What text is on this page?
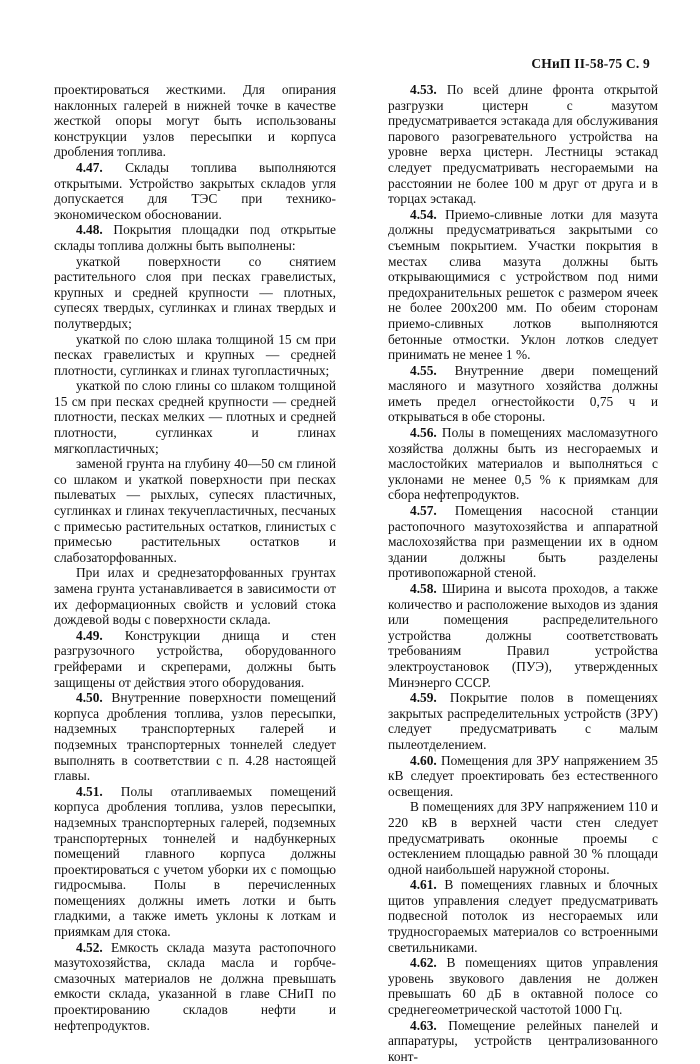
СНиП II-58-75 С. 9

проектироваться жесткими. Для опирания наклонных галерей в нижней точке в качестве жесткой опоры могут быть использованы конструкции узлов пересыпки и корпуса дробления топлива.

4.47. Склады топлива выполняются открытыми. Устройство закрытых складов угля допускается для ТЭС при технико-экономическом обосновании.

4.48. Покрытия площадки под открытые склады топлива должны быть выполнены:

укаткой поверхности со снятием растительного слоя при песках гравелистых, крупных и средней крупности — плотных, супесях твердых, суглинках и глинах твердых и полутвердых;

укаткой по слою шлака толщиной 15 см при песках гравелистых и крупных — средней плотности, суглинках и глинах тугопластичных;

укаткой по слою глины со шлаком толщиной 15 см при песках средней крупности — средней плотности, песках мелких — плотных и средней плотности, суглинках и глинах мягкопластичных;

заменой грунта на глубину 40—50 см глиной со шлаком и укаткой поверхности при песках пылеватых — рыхлых, супесях пластичных, суглинках и глинах текучепластичных, песчаных с примесью растительных остатков, глинистых с примесью растительных остатков и слабозаторфованных.

При илах и среднезаторфованных грунтах замена грунта устанавливается в зависимости от их деформационных свойств и условий стока дождевой воды с поверхности склада.

4.49. Конструкции днища и стен разгрузочного устройства, оборудованного грейферами и скреперами, должны быть защищены от действия этого оборудования.

4.50. Внутренние поверхности помещений корпуса дробления топлива, узлов пересыпки, надземных транспортерных галерей и подземных транспортерных тоннелей следует выполнять в соответствии с п. 4.28 настоящей главы.

4.51. Полы отапливаемых помещений корпуса дробления топлива, узлов пересыпки, надземных транспортерных галерей, подземных транспортерных тоннелей и надбункерных помещений главного корпуса должны проектироваться с учетом уборки их с помощью гидросмыва. Полы в перечисленных помещениях должны иметь лотки и быть гладкими, а также иметь уклоны к лоткам и приямкам для стока.

4.52. Емкость склада мазута растопочного мазутохозяйства, склада масла и горбче-смазочных материалов не должна превышать емкости склада, указанной в главе СНиП по проектированию складов нефти и нефтепродуктов.

4.53. По всей длине фронта открытой разгрузки цистерн с мазутом предусматривается эстакада для обслуживания парового разогревательного устройства на уровне верха цистерн. Лестницы эстакад следует предусматривать несгораемыми на расстоянии не более 100 м друг от друга и в торцах эстакад.

4.54. Приемо-сливные лотки для мазута должны предусматриваться закрытыми со съемным покрытием. Участки покрытия в местах слива мазута должны быть открывающимися с устройством под ними предохранительных решеток с размером ячеек не более 200х200 мм. По обеим сторонам приемо-сливных лотков выполняются бетонные отмостки. Уклон лотков следует принимать не менее 1 %.

4.55. Внутренние двери помещений масляного и мазутного хозяйства должны иметь предел огнестойкости 0,75 ч и открываться в обе стороны.

4.56. Полы в помещениях масломазутного хозяйства должны быть из несгораемых и маслостойких материалов и выполняться с уклонами не менее 0,5 % к приямкам для сбора нефтепродуктов.

4.57. Помещения насосной станции растопочного мазутохозяйства и аппаратной маслохозяйства при размещении их в одном здании должны быть разделены противопожарной стеной.

4.58. Ширина и высота проходов, а также количество и расположение выходов из здания или помещения распределительного устройства должны соответствовать требованиям Правил устройства электроустановок (ПУЭ), утвержденных Минэнерго СССР.

4.59. Покрытие полов в помещениях закрытых распределительных устройств (ЗРУ) следует предусматривать с малым пылеотделением.

4.60. Помещения для ЗРУ напряжением 35 кВ следует проектировать без естественного освещения.

В помещениях для ЗРУ напряжением 110 и 220 кВ в верхней части стен следует предусматривать оконные проемы с остеклением площадью равной 30 % площади одной наибольшей наружной стороны.

4.61. В помещениях главных и блочных щитов управления следует предусматривать подвесной потолок из несгораемых или трудносгораемых материалов со встроенными светильниками.

4.62. В помещениях щитов управления уровень звукового давления не должен превышать 60 дБ в октавной полосе со среднегеометрической частотой 1000 Гц.

4.63. Помещение релейных панелей и аппаратуры, устройств централизованного конт-
